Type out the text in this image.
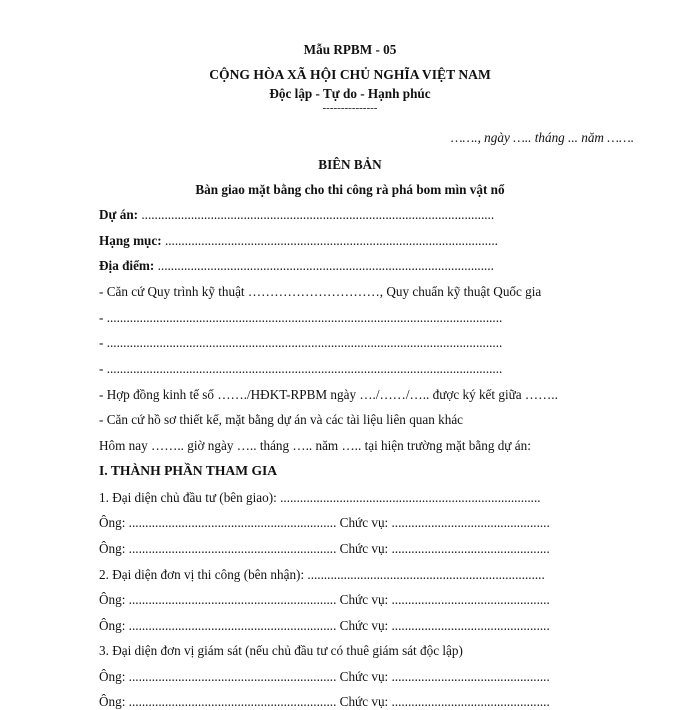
Mẫu RPBM - 05
CỘNG HÒA XÃ HỘI CHỦ NGHĨA VIỆT NAM
Độc lập - Tự do - Hạnh phúc
---------------
……., ngày ….. tháng ... năm …….
BIÊN BẢN
Bàn giao mặt bằng cho thi công rà phá bom mìn vật nổ
Dự án: ...........................................................................................................
Hạng mục: .....................................................................................................
Địa điểm: ......................................................................................................
- Căn cứ Quy trình kỹ thuật …………………………, Quy chuẩn kỹ thuật Quốc gia
- ........................................................................................................................
- ........................................................................................................................
- ........................................................................................................................
- Hợp đồng kinh tế số ……./HĐKT-RPBM ngày …./……/….. được ký kết giữa ……..
- Căn cứ hồ sơ thiết kế, mặt bằng dự án và các tài liệu liên quan khác
Hôm nay …….. giờ ngày ….. tháng ….. năm ….. tại hiện trường mặt bằng dự án:
I. THÀNH PHẦN THAM GIA
1. Đại diện chủ đầu tư (bên giao): ...............................................................................
Ông: ............................................................... Chức vụ: ................................................
Ông: ............................................................... Chức vụ: ................................................
2. Đại diện đơn vị thi công (bên nhận): ........................................................................
Ông: ............................................................... Chức vụ: ................................................
Ông: ............................................................... Chức vụ: ................................................
3. Đại diện đơn vị giám sát (nếu chủ đầu tư có thuê giám sát độc lập)
Ông: ............................................................... Chức vụ: ................................................
Ông: ............................................................... Chức vụ: ................................................
